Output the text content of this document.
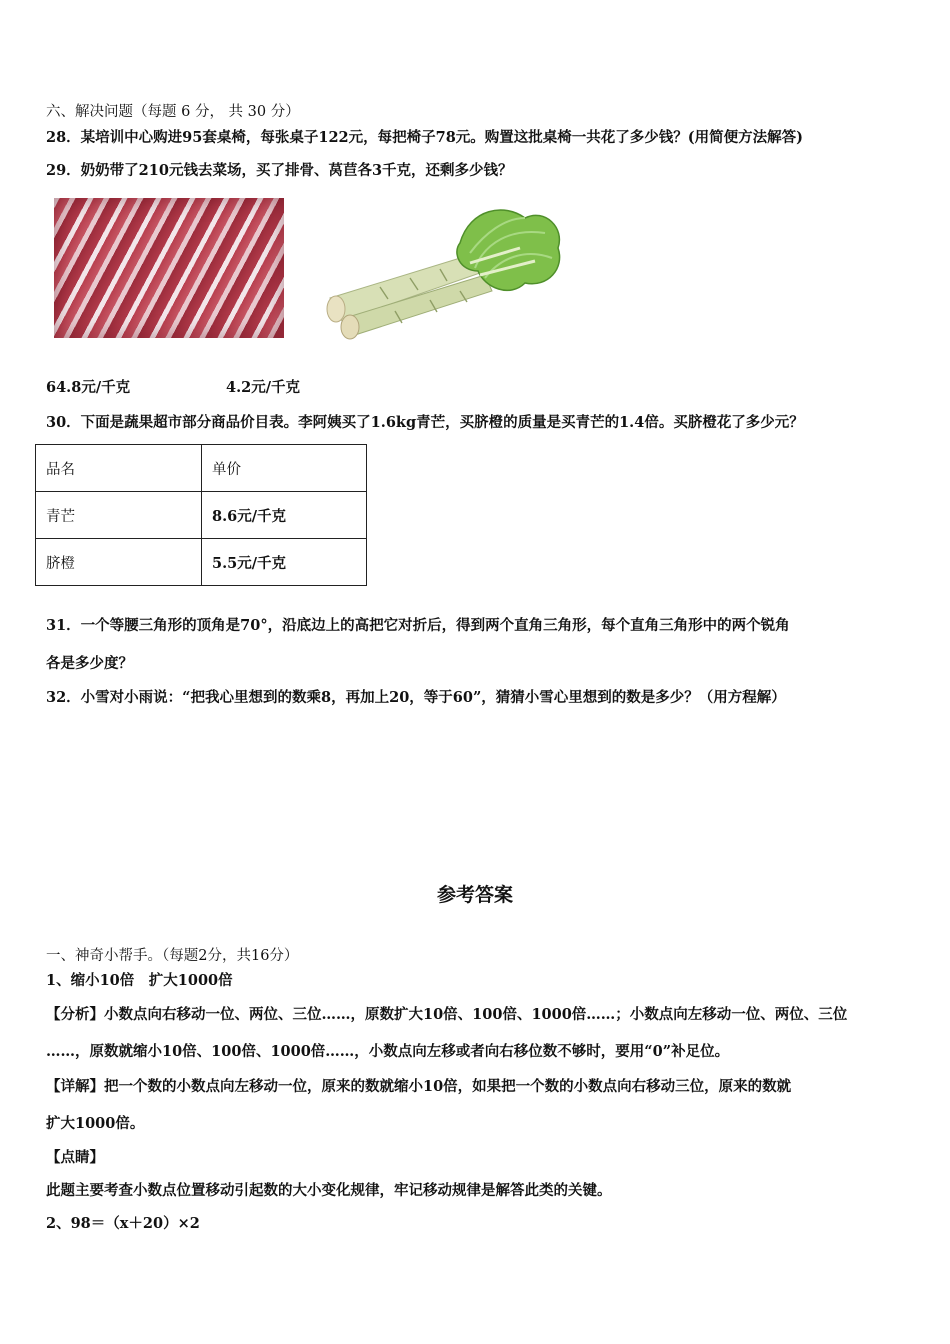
六、解决问题（每题 6 分， 共 30 分）
28．某培训中心购进95套桌椅，每张桌子122元，每把椅子78元。购置这批桌椅一共花了多少钱？(用简便方法解答)
29．奶奶带了210元钱去菜场，买了排骨、莴苣各3千克，还剩多少钱？
64.8元/千克	4.2元/千克
30．下面是蔬果超市部分商品价目表。李阿姨买了1.6kg青芒，买脐橙的质量是买青芒的1.4倍。买脐橙花了多少元？
品名	单价
青芒	8.6元/千克
脐橙	5.5元/千克
31．一个等腰三角形的顶角是70°，沿底边上的高把它对折后，得到两个直角三角形，每个直角三角形中的两个锐角
各是多少度？
32．小雪对小雨说：“把我心里想到的数乘8，再加上20，等于60”，猜猜小雪心里想到的数是多少？（用方程解）
参考答案
一、神奇小帮手。（每题2分，共16分）
1、缩小10倍　扩大1000倍
【分析】小数点向右移动一位、两位、三位……，原数扩大10倍、100倍、1000倍……；小数点向左移动一位、两位、三位
……，原数就缩小10倍、100倍、1000倍……，小数点向左移或者向右移位数不够时，要用“0”补足位。
【详解】把一个数的小数点向左移动一位，原来的数就缩小10倍，如果把一个数的小数点向右移动三位，原来的数就
扩大1000倍。
【点睛】
此题主要考查小数点位置移动引起数的大小变化规律，牢记移动规律是解答此类的关键。
2、98＝（x＋20）×2
